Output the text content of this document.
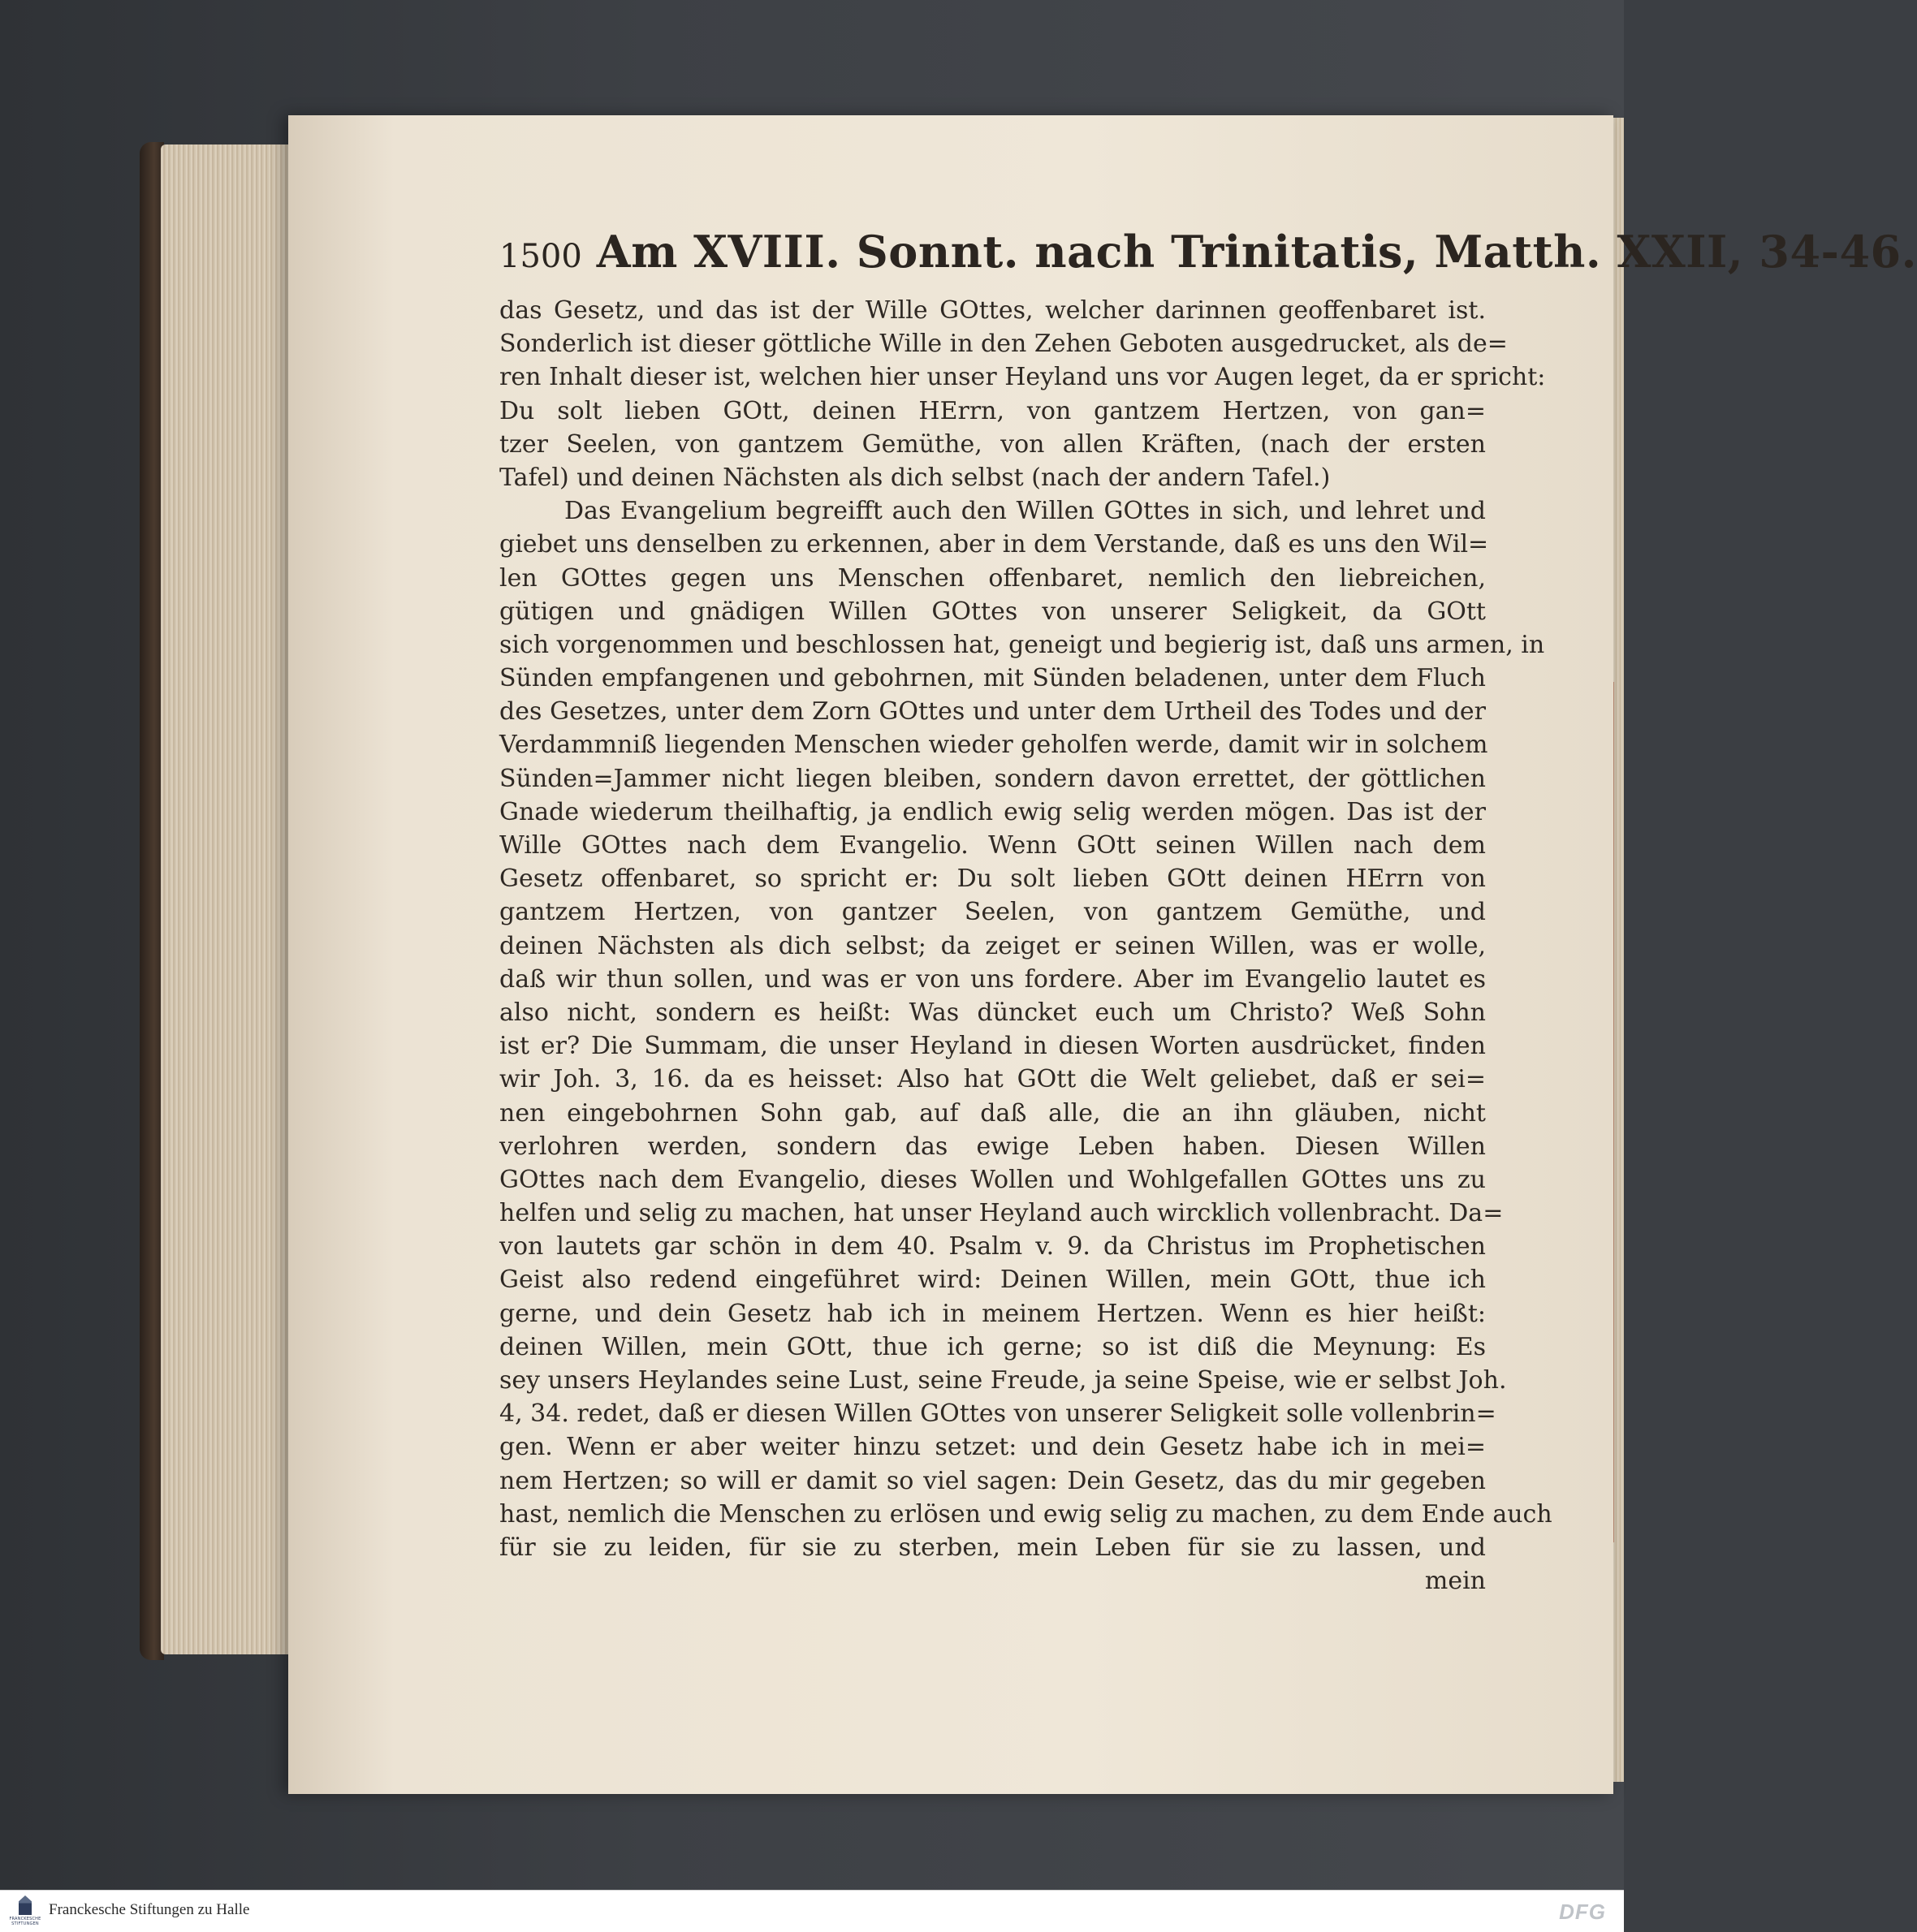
1500 Am XVIII. Sonnt. nach Trinitatis, Matth. XXII, 34-46.
das Gesetz, und das ist der Wille GOttes, welcher darinnen geoffenbaret ist.
Sonderlich ist dieser göttliche Wille in den Zehen Geboten ausgedrucket, als de=
ren Inhalt dieser ist, welchen hier unser Heyland uns vor Augen leget, da er spricht:
Du solt lieben GOtt, deinen HErrn, von gantzem Hertzen, von gan=
tzer Seelen, von gantzem Gemüthe, von allen Kräften, (nach der ersten
Tafel) und deinen Nächsten als dich selbst (nach der andern Tafel.)
Das Evangelium begreifft auch den Willen GOttes in sich, und lehret und
giebet uns denselben zu erkennen, aber in dem Verstande, daß es uns den Wil=
len GOttes gegen uns Menschen offenbaret, nemlich den liebreichen,
gütigen und gnädigen Willen GOttes von unserer Seligkeit, da GOtt
sich vorgenommen und beschlossen hat, geneigt und begierig ist, daß uns armen, in
Sünden empfangenen und gebohrnen, mit Sünden beladenen, unter dem Fluch
des Gesetzes, unter dem Zorn GOttes und unter dem Urtheil des Todes und der
Verdammniß liegenden Menschen wieder geholfen werde, damit wir in solchem
Sünden=Jammer nicht liegen bleiben, sondern davon errettet, der göttlichen
Gnade wiederum theilhaftig, ja endlich ewig selig werden mögen. Das ist der
Wille GOttes nach dem Evangelio. Wenn GOtt seinen Willen nach dem
Gesetz offenbaret, so spricht er: Du solt lieben GOtt deinen HErrn von
gantzem Hertzen, von gantzer Seelen, von gantzem Gemüthe, und
deinen Nächsten als dich selbst; da zeiget er seinen Willen, was er wolle,
daß wir thun sollen, und was er von uns fordere. Aber im Evangelio lautet es
also nicht, sondern es heißt: Was düncket euch um Christo? Weß Sohn
ist er? Die Summam, die unser Heyland in diesen Worten ausdrücket, finden
wir Joh. 3, 16. da es heisset: Also hat GOtt die Welt geliebet, daß er sei=
nen eingebohrnen Sohn gab, auf daß alle, die an ihn gläuben, nicht
verlohren werden, sondern das ewige Leben haben. Diesen Willen
GOttes nach dem Evangelio, dieses Wollen und Wohlgefallen GOttes uns zu
helfen und selig zu machen, hat unser Heyland auch wircklich vollenbracht. Da=
von lautets gar schön in dem 40. Psalm v. 9. da Christus im Prophetischen
Geist also redend eingeführet wird: Deinen Willen, mein GOtt, thue ich
gerne, und dein Gesetz hab ich in meinem Hertzen. Wenn es hier heißt:
deinen Willen, mein GOtt, thue ich gerne; so ist diß die Meynung: Es
sey unsers Heylandes seine Lust, seine Freude, ja seine Speise, wie er selbst Joh.
4, 34. redet, daß er diesen Willen GOttes von unserer Seligkeit solle vollenbrin=
gen. Wenn er aber weiter hinzu setzet: und dein Gesetz habe ich in mei=
nem Hertzen; so will er damit so viel sagen: Dein Gesetz, das du mir gegeben
hast, nemlich die Menschen zu erlösen und ewig selig zu machen, zu dem Ende auch
für sie zu leiden, für sie zu sterben, mein Leben für sie zu lassen, und
mein
FRANCKESCHE STIFTUNGEN
Franckesche Stiftungen zu Halle	DFG
